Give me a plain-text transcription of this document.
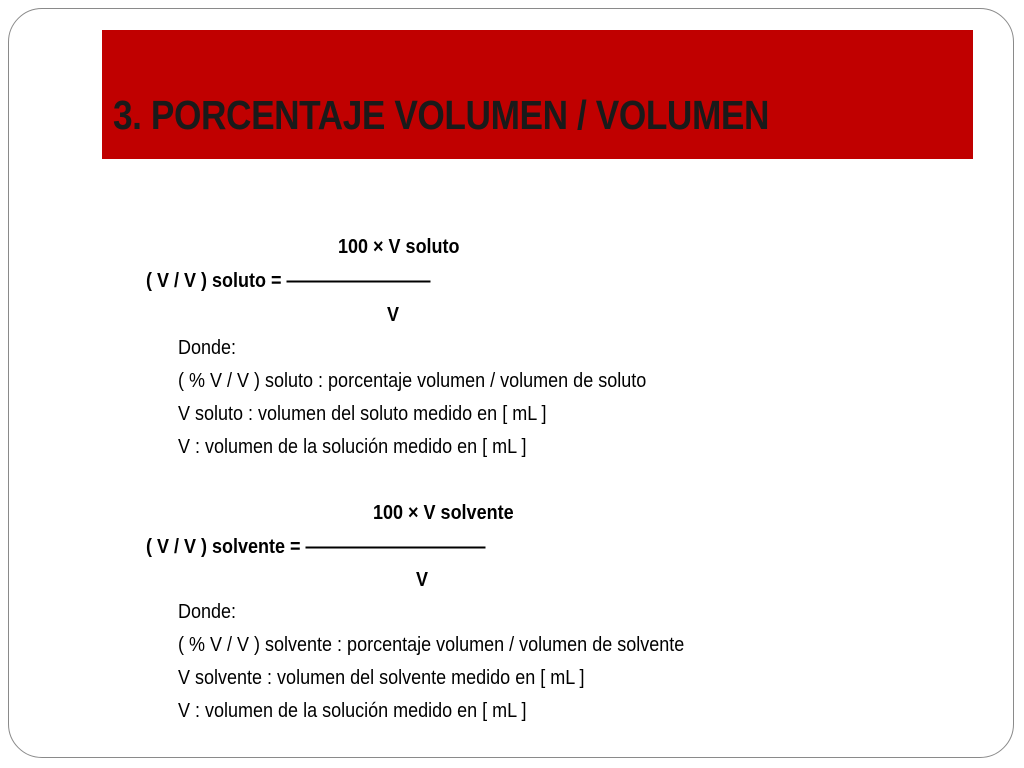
3. PORCENTAJE VOLUMEN / VOLUMEN
100 × V soluto
( V / V ) soluto = ————————
V
Donde:
( % V / V ) soluto : porcentaje volumen / volumen de soluto
V soluto : volumen del soluto medido en [ mL ]
V : volumen de la solución medido en [ mL ]
100 × V solvente
( V / V ) solvente = ——————————
V
Donde:
( % V / V ) solvente : porcentaje volumen / volumen de solvente
V solvente : volumen del solvente medido en [ mL ]
V : volumen de la solución medido en [ mL ]
